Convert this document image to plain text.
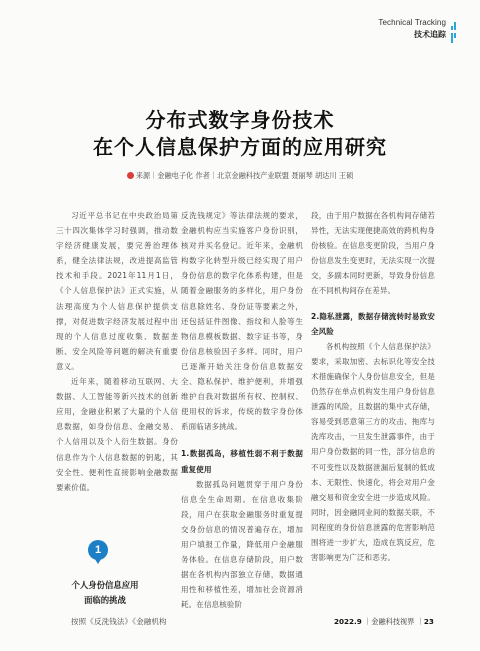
Technical Tracking
技术追踪
分布式数字身份技术
在个人信息保护方面的应用研究
来源｜金融电子化 作者｜北京金融科技产业联盟 聂丽琴 胡达川 王硕

习近平总书记在中央政治局第三十四次集体学习时强调，推动数字经济健康发展，要完善治理体系，健全法律法规，改进提高监管技术和手段。2021年11月1日，《个人信息保护法》正式实施，从法理高度为个人信息保护提供支撑，对促进数字经济发展过程中出现的个人信息过度收集、数据垄断、安全风险等问题的解决有重要意义。

近年来，随着移动互联网、大数据、人工智能等新兴技术的创新应用，金融业积累了大量的个人信息数据，如身份信息、金融交易、个人信用以及个人衍生数据。身份信息作为个人信息数据的钥匙，其安全性、便利性直接影响金融数据要素价值。

1
个人身份信息应用
面临的挑战

按照《反洗钱法》《金融机构

反洗钱规定》等法律法规的要求，金融机构应当实施客户身份识别，核对并买名登记。近年来，金融机构数字化转型升级已经实现了用户身份信息的数字化体系构建，但是随着金融服务的多样化，用户身份信息除姓名、身份证等要素之外，还包括证件图像、指纹和人脸等生物信息模板数据、数字证书等，身份信息核验因子多样。同时，用户已逐渐开始关注身份信息数据安全、隐私保护、维护便利，并增强维护自我对数据所有权、控制权、使用权的诉求，传统的数字身份体系面临诸多挑战。

1.数据孤岛，移植性弱不利于数据重复使用

数据孤岛问题贯穿于用户身份信息全生命周期。在信息收集阶段，用户在获取金融服务时重复提交身份信息的情况普遍存在，增加用户填报工作量，降低用户金融服务体验。在信息存储阶段，用户数据在各机构内部独立存储，数据通用性和移植性差，增加社会资源消耗。在信息核验阶

段，由于用户数据在各机构间存储若异性，无法实现便捷高效的跨机构身份核验。在信息变更阶段，当用户身份信息发生变更时，无法实现一次提交，多副本同时更新，导致身份信息在不同机构间存在差异。

2.隐私泄露，数据存储流转时易致安全风险

各机构按照《个人信息保护法》要求，采取加密、去标识化等安全技术措施确保个人身份信息安全，但是仍然存在单点机构发生用户身份信息泄露的风险，且数据的集中式存储，容易受到恶意第三方的攻击、拖库与洗库攻击，一旦发生泄露事件，由于用户身份数据的同一性，部分信息的不可变性以及数据泄漏后复制的低成本、无限性、快速化，将会对用户金融交易和资金安全进一步造成风险。同时，因金融同业间的数据关联，不同程度的身份信息泄露的危害影响范围将进一步扩大，造成在筑反应，危害影响更为广泛和恶劣。

2022.9 ｜金融科技视界 ｜23
